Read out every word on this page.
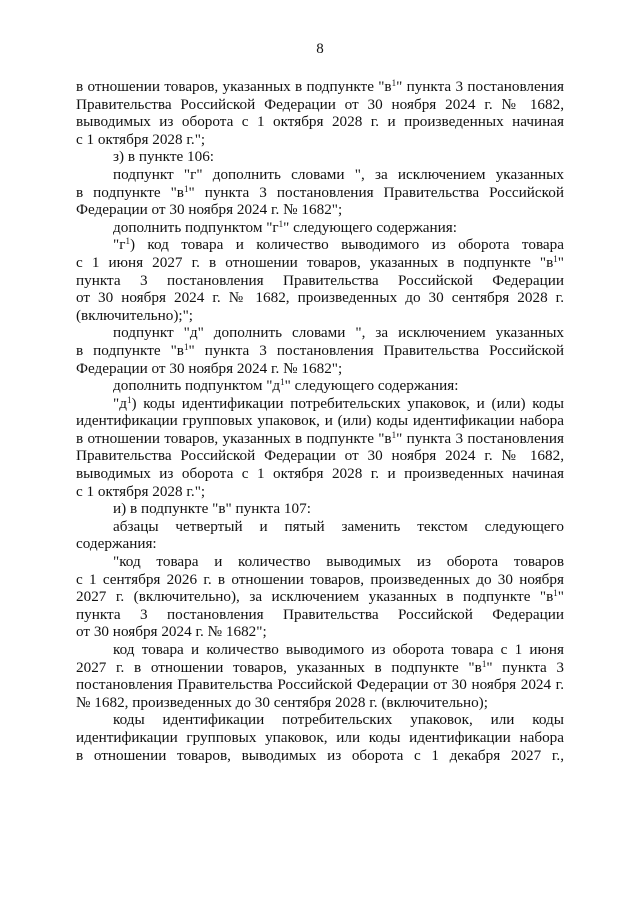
8
в отношении товаров, указанных в подпункте "$в^1$" пункта 3 постановления
Правительства Российской Федерации от 30 ноября 2024 г. № 1682,
выводимых из оборота с 1 октября 2028 г. и произведенных начиная
с 1 октября 2028 г.";
з) в пункте 106:
подпункт "г" дополнить словами ", за исключением указанных
в подпункте "$в^1$" пункта 3 постановления Правительства Российской
Федерации от 30 ноября 2024 г. № 1682";
дополнить подпунктом "$г^1$" следующего содержания:
"$г^1$) код товара и количество выводимого из оборота товара
с 1 июня 2027 г. в отношении товаров, указанных в подпункте "$в^1$"
пункта 3 постановления Правительства Российской Федерации
от 30 ноября 2024 г. № 1682, произведенных до 30 сентября 2028 г.
(включительно);";
подпункт "д" дополнить словами ", за исключением указанных
в подпункте "$в^1$" пункта 3 постановления Правительства Российской
Федерации от 30 ноября 2024 г. № 1682";
дополнить подпунктом "$д^1$" следующего содержания:
"$д^1$) коды идентификации потребительских упаковок, и (или) коды
идентификации групповых упаковок, и (или) коды идентификации набора
в отношении товаров, указанных в подпункте "$в^1$" пункта 3 постановления
Правительства Российской Федерации от 30 ноября 2024 г. № 1682,
выводимых из оборота с 1 октября 2028 г. и произведенных начиная
с 1 октября 2028 г.";
и) в подпункте "в" пункта 107:
абзацы четвертый и пятый заменить текстом следующего
содержания:
"код товара и количество выводимых из оборота товаров
с 1 сентября 2026 г. в отношении товаров, произведенных до 30 ноября
2027 г. (включительно), за исключением указанных в подпункте "$в^1$"
пункта 3 постановления Правительства Российской Федерации
от 30 ноября 2024 г. № 1682";
код товара и количество выводимого из оборота товара с 1 июня
2027 г. в отношении товаров, указанных в подпункте "$в^1$" пункта 3
постановления Правительства Российской Федерации от 30 ноября 2024 г.
№ 1682, произведенных до 30 сентября 2028 г. (включительно);
коды идентификации потребительских упаковок, или коды
идентификации групповых упаковок, или коды идентификации набора
в отношении товаров, выводимых из оборота с 1 декабря 2027 г.,
